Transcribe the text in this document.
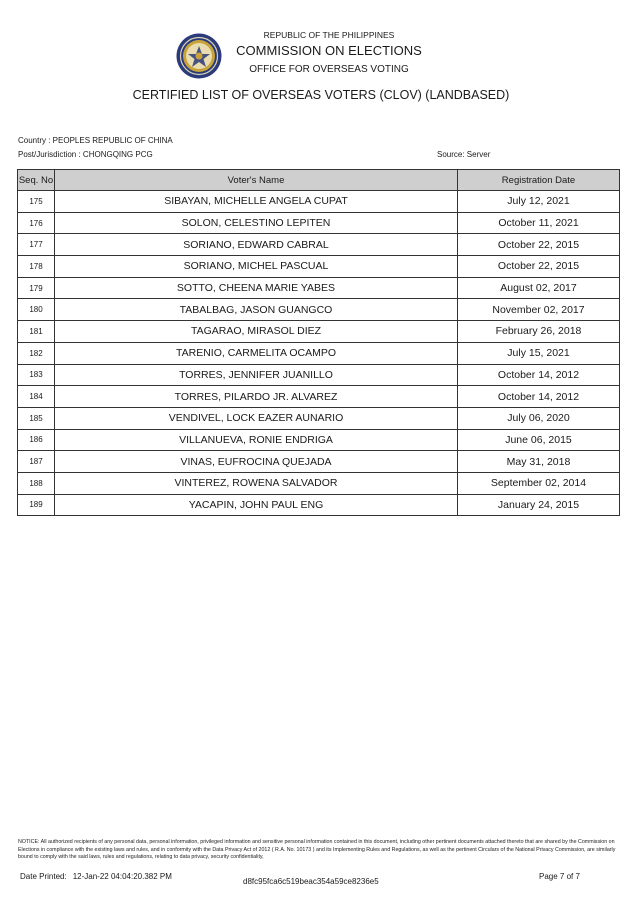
REPUBLIC OF THE PHILIPPINES
COMMISSION ON ELECTIONS
OFFICE FOR OVERSEAS VOTING
CERTIFIED LIST OF OVERSEAS VOTERS (CLOV) (LANDBASED)
Country : PEOPLES REPUBLIC OF CHINA
Post/Jurisdiction : CHONGQING PCG	Source: Server
Seq. No	Voter's Name	Registration Date
175	SIBAYAN, MICHELLE ANGELA CUPAT	July 12, 2021
176	SOLON, CELESTINO LEPITEN	October 11, 2021
177	SORIANO, EDWARD CABRAL	October 22, 2015
178	SORIANO, MICHEL PASCUAL	October 22, 2015
179	SOTTO, CHEENA MARIE YABES	August 02, 2017
180	TABALBAG, JASON GUANGCO	November 02, 2017
181	TAGARAO, MIRASOL DIEZ	February 26, 2018
182	TARENIO, CARMELITA OCAMPO	July 15, 2021
183	TORRES, JENNIFER JUANILLO	October 14, 2012
184	TORRES, PILARDO JR. ALVAREZ	October 14, 2012
185	VENDIVEL, LOCK EAZER AUNARIO	July 06, 2020
186	VILLANUEVA, RONIE ENDRIGA	June 06, 2015
187	VINAS, EUFROCINA QUEJADA	May 31, 2018
188	VINTEREZ, ROWENA SALVADOR	September 02, 2014
189	YACAPIN, JOHN PAUL ENG	January 24, 2015
NOTICE: All authorized recipients of any personal data, personal information, privileged information and sensitive personal information contained in this document, including other pertinent documents attached thereto that are shared by the Commission on Elections in compliance with the existing laws and rules, and in conformity with the Data Privacy Act of 2012 ( R.A. No. 10173 ) and its Implementing Rules and Regulations, as well as the pertinent Circulars of the National Privacy Commission, are similarly bound to comply with the said laws, rules and regulations, relating to data privacy, security confidentiality,
Date Printed: 12-Jan-22 04:04:20.382 PM
d8fc95fca6c519beac354a59ce8236e5
Page 7 of 7
